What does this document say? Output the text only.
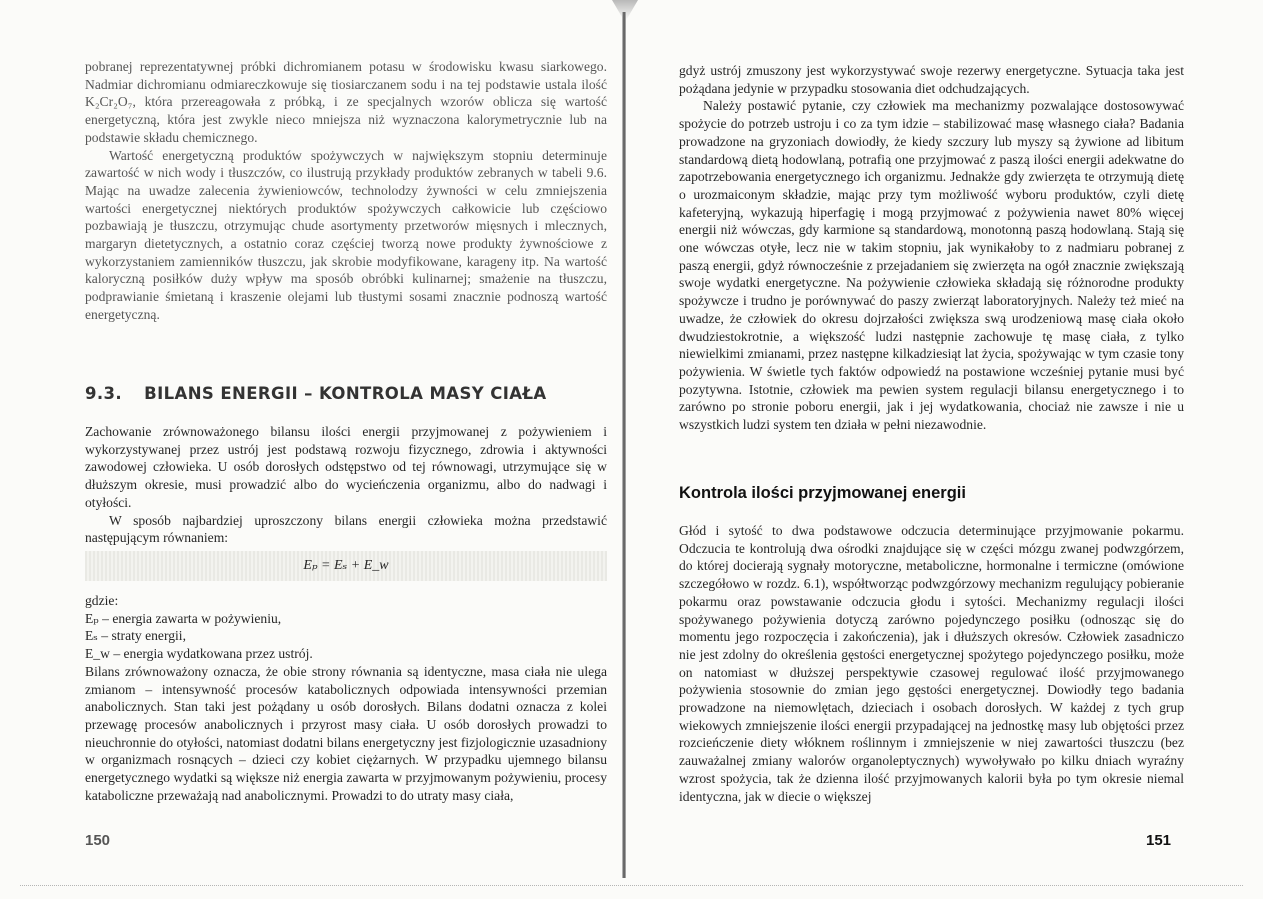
pobranej reprezentatywnej próbki dichromianem potasu w środowisku kwasu siarkowego. Nadmiar dichromianu odmiareczkowuje się tiosiarczanem sodu i na tej podstawie ustala ilość K₂Cr₂O₇, która przereagowała z próbką, i ze specjalnych wzorów oblicza się wartość energetyczną, która jest zwykle nieco mniejsza niż wyznaczona kalorymetrycznie lub na podstawie składu chemicznego.

Wartość energetyczną produktów spożywczych w największym stopniu determinuje zawartość w nich wody i tłuszczów, co ilustrują przykłady produktów zebranych w tabeli 9.6. Mając na uwadze zalecenia żywieniowców, technolodzy żywności w celu zmniejszenia wartości energetycznej niektórych produktów spożywczych całkowicie lub częściowo pozbawiają je tłuszczu, otrzymując chude asortymenty przetworów mięsnych i mlecznych, margaryn dietetycznych, a ostatnio coraz częściej tworzą nowe produkty żywnościowe z wykorzystaniem zamienników tłuszczu, jak skrobie modyfikowane, karageny itp. Na wartość kaloryczną posiłków duży wpływ ma sposób obróbki kulinarnej; smażenie na tłuszczu, podprawianie śmietaną i kraszenie olejami lub tłustymi sosami znacznie podnoszą wartość energetyczną.

9.3. BILANS ENERGII – KONTROLA MASY CIAŁA

Zachowanie zrównoważonego bilansu ilości energii przyjmowanej z pożywieniem i wykorzystywanej przez ustrój jest podstawą rozwoju fizycznego, zdrowia i aktywności zawodowej człowieka. U osób dorosłych odstępstwo od tej równowagi, utrzymujące się w dłuższym okresie, musi prowadzić albo do wycieńczenia organizmu, albo do nadwagi i otyłości.

W sposób najbardziej uproszczony bilans energii człowieka można przedstawić następującym równaniem:

Eₚ = Eₛ + E_w

gdzie:

Eₚ – energia zawarta w pożywieniu,

Eₛ – straty energii,

E_w – energia wydatkowana przez ustrój.

Bilans zrównoważony oznacza, że obie strony równania są identyczne, masa ciała nie ulega zmianom – intensywność procesów katabolicznych odpowiada intensywności przemian anabolicznych. Stan taki jest pożądany u osób dorosłych. Bilans dodatni oznacza z kolei przewagę procesów anabolicznych i przyrost masy ciała. U osób dorosłych prowadzi to nieuchronnie do otyłości, natomiast dodatni bilans energetyczny jest fizjologicznie uzasadniony w organizmach rosnących – dzieci czy kobiet ciężarnych. W przypadku ujemnego bilansu energetycznego wydatki są większe niż energia zawarta w przyjmowanym pożywieniu, procesy kataboliczne przeważają nad anabolicznymi. Prowadzi to do utraty masy ciała,

150

gdyż ustrój zmuszony jest wykorzystywać swoje rezerwy energetyczne. Sytuacja taka jest pożądana jedynie w przypadku stosowania diet odchudzających.

Należy postawić pytanie, czy człowiek ma mechanizmy pozwalające dostosowywać spożycie do potrzeb ustroju i co za tym idzie – stabilizować masę własnego ciała? Badania prowadzone na gryzoniach dowiodły, że kiedy szczury lub myszy są żywione ad libitum standardową dietą hodowlaną, potrafią one przyjmować z paszą ilości energii adekwatne do zapotrzebowania energetycznego ich organizmu. Jednakże gdy zwierzęta te otrzymują dietę o urozmaiconym składzie, mając przy tym możliwość wyboru produktów, czyli dietę kafeteryjną, wykazują hiperfagię i mogą przyjmować z pożywienia nawet 80% więcej energii niż wówczas, gdy karmione są standardową, monotonną paszą hodowlaną. Stają się one wówczas otyłe, lecz nie w takim stopniu, jak wynikałoby to z nadmiaru pobranej z paszą energii, gdyż równocześnie z przejadaniem się zwierzęta na ogół znacznie zwiększają swoje wydatki energetyczne. Na pożywienie człowieka składają się różnorodne produkty spożywcze i trudno je porównywać do paszy zwierząt laboratoryjnych. Należy też mieć na uwadze, że człowiek do okresu dojrzałości zwiększa swą urodzeniową masę ciała około dwudziestokrotnie, a większość ludzi następnie zachowuje tę masę ciała, z tylko niewielkimi zmianami, przez następne kilkadziesiąt lat życia, spożywając w tym czasie tony pożywienia. W świetle tych faktów odpowiedź na postawione wcześniej pytanie musi być pozytywna. Istotnie, człowiek ma pewien system regulacji bilansu energetycznego i to zarówno po stronie poboru energii, jak i jej wydatkowania, chociaż nie zawsze i nie u wszystkich ludzi system ten działa w pełni niezawodnie.

Kontrola ilości przyjmowanej energii

Głód i sytość to dwa podstawowe odczucia determinujące przyjmowanie pokarmu. Odczucia te kontrolują dwa ośrodki znajdujące się w części mózgu zwanej podwzgórzem, do której docierają sygnały motoryczne, metaboliczne, hormonalne i termiczne (omówione szczegółowo w rozdz. 6.1), współtworząc podwzgórzowy mechanizm regulujący pobieranie pokarmu oraz powstawanie odczucia głodu i sytości. Mechanizmy regulacji ilości spożywanego pożywienia dotyczą zarówno pojedynczego posiłku (odnosząc się do momentu jego rozpoczęcia i zakończenia), jak i dłuższych okresów. Człowiek zasadniczo nie jest zdolny do określenia gęstości energetycznej spożytego pojedynczego posiłku, może on natomiast w dłuższej perspektywie czasowej regulować ilość przyjmowanego pożywienia stosownie do zmian jego gęstości energetycznej. Dowiodły tego badania prowadzone na niemowlętach, dzieciach i osobach dorosłych. W każdej z tych grup wiekowych zmniejszenie ilości energii przypadającej na jednostkę masy lub objętości przez rozcieńczenie diety włóknem roślinnym i zmniejszenie w niej zawartości tłuszczu (bez zauważalnej zmiany walorów organoleptycznych) wywoływało po kilku dniach wyraźny wzrost spożycia, tak że dzienna ilość przyjmowanych kalorii była po tym okresie niemal identyczna, jak w diecie o większej

151
